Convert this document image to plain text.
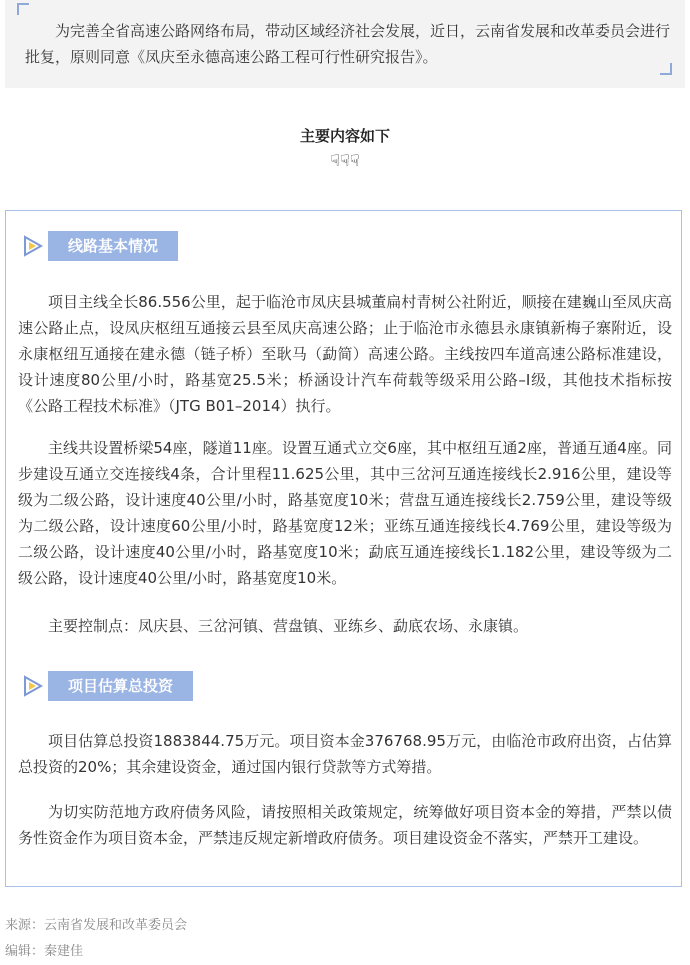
为完善全省高速公路网络布局，带动区域经济社会发展，近日，云南省发展和改革委员会进行批复，原则同意《凤庆至永德高速公路工程可行性研究报告》。

主要内容如下
☟☟☟
线路基本情况

项目主线全长86.556公里，起于临沧市凤庆县城董扁村青树公社附近，顺接在建巍山至凤庆高速公路止点，设凤庆枢纽互通接云县至凤庆高速公路；止于临沧市永德县永康镇新梅子寨附近，设永康枢纽互通接在建永德（链子桥）至耿马（勐简）高速公路。主线按四车道高速公路标准建设，设计速度80公里/小时，路基宽25.5米；桥涵设计汽车荷载等级采用公路–I级，其他技术指标按《公路工程技术标准》（JTG B01–2014）执行。

主线共设置桥梁54座，隧道11座。设置互通式立交6座，其中枢纽互通2座，普通互通4座。同步建设互通立交连接线4条，合计里程11.625公里，其中三岔河互通连接线长2.916公里，建设等级为二级公路，设计速度40公里/小时，路基宽度10米；营盘互通连接线长2.759公里，建设等级为二级公路，设计速度60公里/小时，路基宽度12米；亚练互通连接线长4.769公里，建设等级为二级公路，设计速度40公里/小时，路基宽度10米；勐底互通连接线长1.182公里，建设等级为二级公路，设计速度40公里/小时，路基宽度10米。

主要控制点：凤庆县、三岔河镇、营盘镇、亚练乡、勐底农场、永康镇。

项目估算总投资

项目估算总投资1883844.75万元。项目资本金376768.95万元，由临沧市政府出资，占估算总投资的20%；其余建设资金，通过国内银行贷款等方式筹措。

为切实防范地方政府债务风险，请按照相关政策规定，统筹做好项目资本金的筹措，严禁以债务性资金作为项目资本金，严禁违反规定新增政府债务。项目建设资金不落实，严禁开工建设。

来源：云南省发展和改革委员会
编辑：秦建佳
